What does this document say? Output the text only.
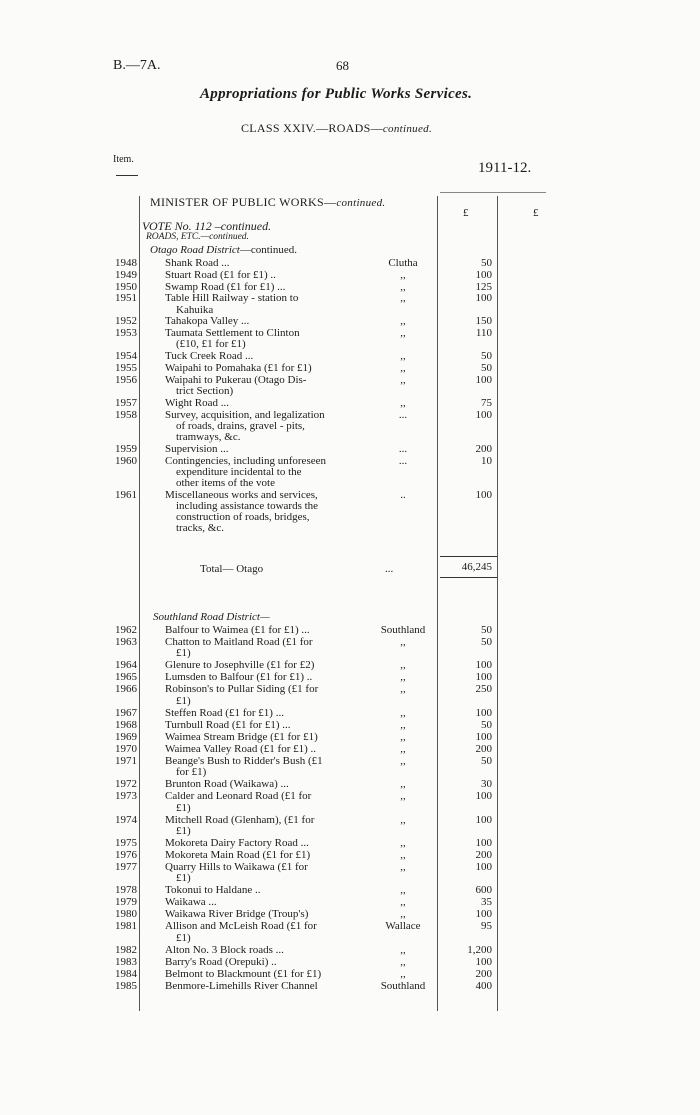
B.—7A.	68
Appropriations for Public Works Services.
CLASS XXIV.—ROADS—continued.
Item.
1911-12.
MINISTER OF PUBLIC WORKS—continued.
£	£
VOTE No. 112 –continued.
ROADS, ETC.—continued.
Otago Road District—continued.
Southland Road District—
1948	Shank Road ...	Clutha	50
1949	Stuart Road (£1 for £1) ..	,,	100
1950	Swamp Road (£1 for £1) ...	,,	125
1951	Table Hill Railway - station to	,,	100
Kahuika
1952	Tahakopa Valley ...	,,	150
1953	Taumata Settlement to Clinton	,,	110
(£10, £1 for £1)
1954	Tuck Creek Road ...	,,	50
1955	Waipahi to Pomahaka (£1 for £1)	,,	50
1956	Waipahi to Pukerau (Otago Dis-	,,	100
trict Section)
1957	Wight Road ...	,,	75
1958	Survey, acquisition, and legalization	...	100
of roads, drains, gravel - pits,
tramways, &c.
1959	Supervision ...	...	200
1960	Contingencies, including unforeseen	...	10
expenditure incidental to the
other items of the vote
1961	Miscellaneous works and services,	..	100
including assistance towards the
construction of roads, bridges,
tracks, &c.
Total— Otago	...	46,245
1962	Balfour to Waimea (£1 for £1) ...	Southland	50
1963	Chatton to Maitland Road (£1 for	,,	50
£1)
1964	Glenure to Josephville (£1 for £2)	,,	100
1965	Lumsden to Balfour (£1 for £1) ..	,,	100
1966	Robinson's to Pullar Siding (£1 for	,,	250
£1)
1967	Steffen Road (£1 for £1) ...	,,	100
1968	Turnbull Road (£1 for £1) ...	,,	50
1969	Waimea Stream Bridge (£1 for £1)	,,	100
1970	Waimea Valley Road (£1 for £1) ..	,,	200
1971	Beange's Bush to Ridder's Bush (£1	,,	50
for £1)
1972	Brunton Road (Waikawa) ...	,,	30
1973	Calder and Leonard Road (£1 for	,,	100
£1)
1974	Mitchell Road (Glenham), (£1 for	,,	100
£1)
1975	Mokoreta Dairy Factory Road ...	,,	100
1976	Mokoreta Main Road (£1 for £1)	,,	200
1977	Quarry Hills to Waikawa (£1 for	,,	100
£1)
1978	Tokonui to Haldane ..	,,	600
1979	Waikawa ...	,,	35
1980	Waikawa River Bridge (Troup's)	,,	100
1981	Allison and McLeish Road (£1 for	Wallace	95
£1)
1982	Alton No. 3 Block roads ...	,,	1,200
1983	Barry's Road (Orepuki) ..	,,	100
1984	Belmont to Blackmount (£1 for £1)	,,	200
1985	Benmore-Limehills River Channel	Southland	400
